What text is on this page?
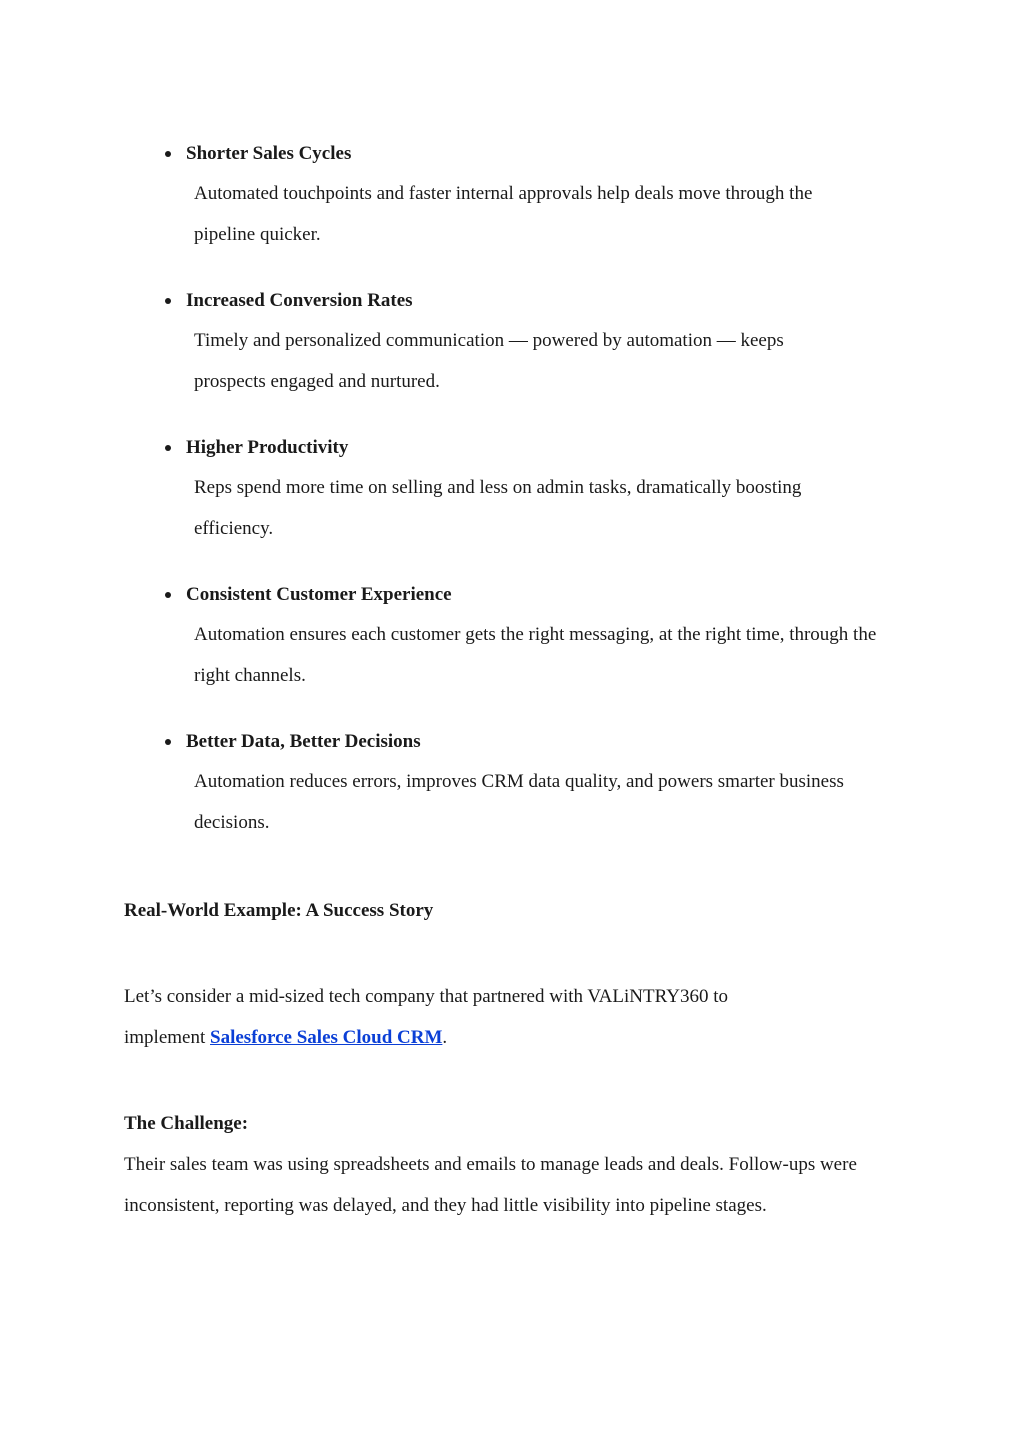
Shorter Sales Cycles
Automated touchpoints and faster internal approvals help deals move through the pipeline quicker.
Increased Conversion Rates
Timely and personalized communication — powered by automation — keeps prospects engaged and nurtured.
Higher Productivity
Reps spend more time on selling and less on admin tasks, dramatically boosting efficiency.
Consistent Customer Experience
Automation ensures each customer gets the right messaging, at the right time, through the right channels.
Better Data, Better Decisions
Automation reduces errors, improves CRM data quality, and powers smarter business decisions.
Real-World Example: A Success Story
Let’s consider a mid-sized tech company that partnered with VALiNTRY360 to implement Salesforce Sales Cloud CRM.
The Challenge:
Their sales team was using spreadsheets and emails to manage leads and deals. Follow-ups were inconsistent, reporting was delayed, and they had little visibility into pipeline stages.
